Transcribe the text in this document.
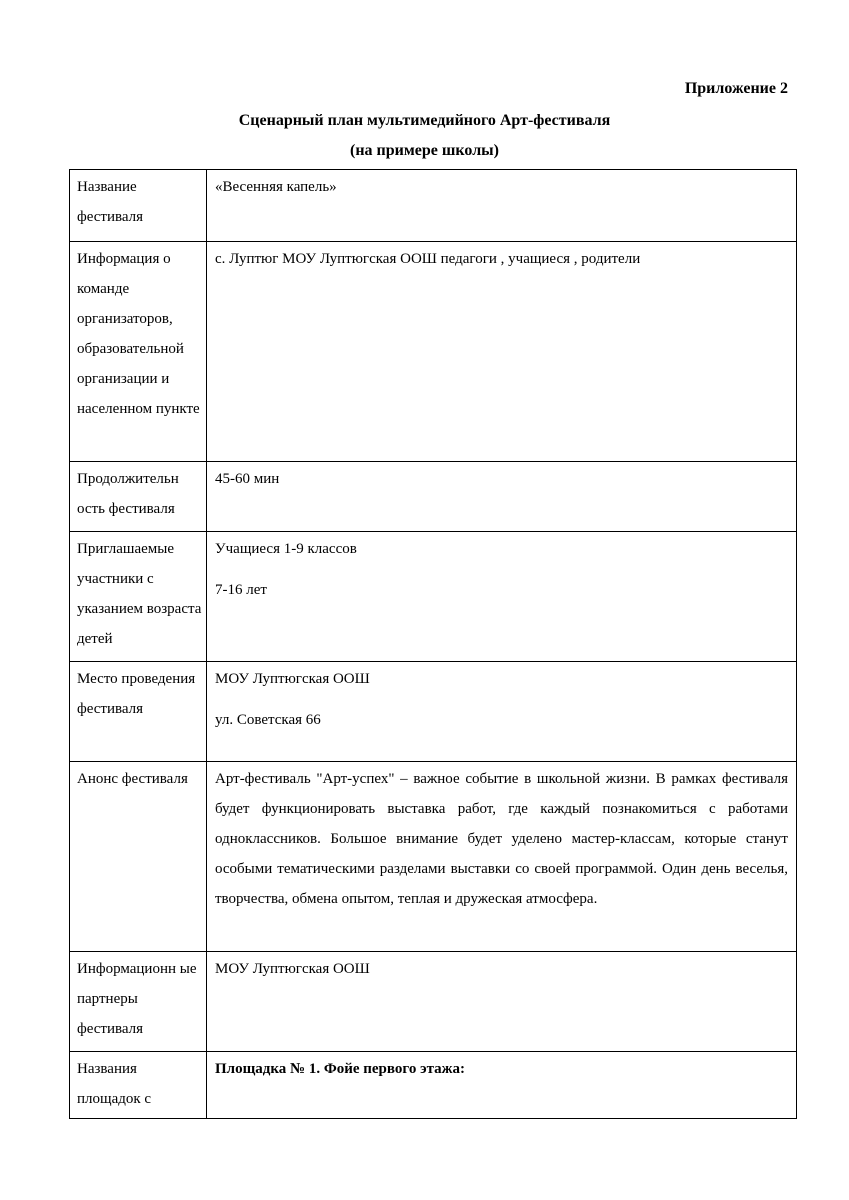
Приложение 2
Сценарный план мультимедийного Арт-фестиваля
(на примере школы)
Название фестиваля	«Весенняя капель»
Информация о команде организаторов, образовательной организации и населенном пункте	с. Луптюг МОУ Луптюгская ООШ педагоги , учащиеся , родители
Продолжительн ость фестиваля	45-60 мин
Приглашаемые участники с указанием возраста детей	Учащиеся 1-9 классов
7-16 лет

Место проведения фестиваля	МОУ Луптюгская ООШ
ул. Советская 66

Анонс фестиваля	Арт-фестиваль "Арт-успех" – важное событие в школьной жизни. В рамках фестиваля будет функционировать выставка работ, где каждый познакомиться с работами одноклассников. Большое внимание будет уделено мастер-классам, которые станут особыми тематическими разделами выставки со своей программой. Один день веселья, творчества, обмена опытом, теплая и дружеская атмосфера.
Информационн ые партнеры фестиваля	МОУ Луптюгская ООШ
Названия площадок с	Площадка № 1. Фойе первого этажа:
